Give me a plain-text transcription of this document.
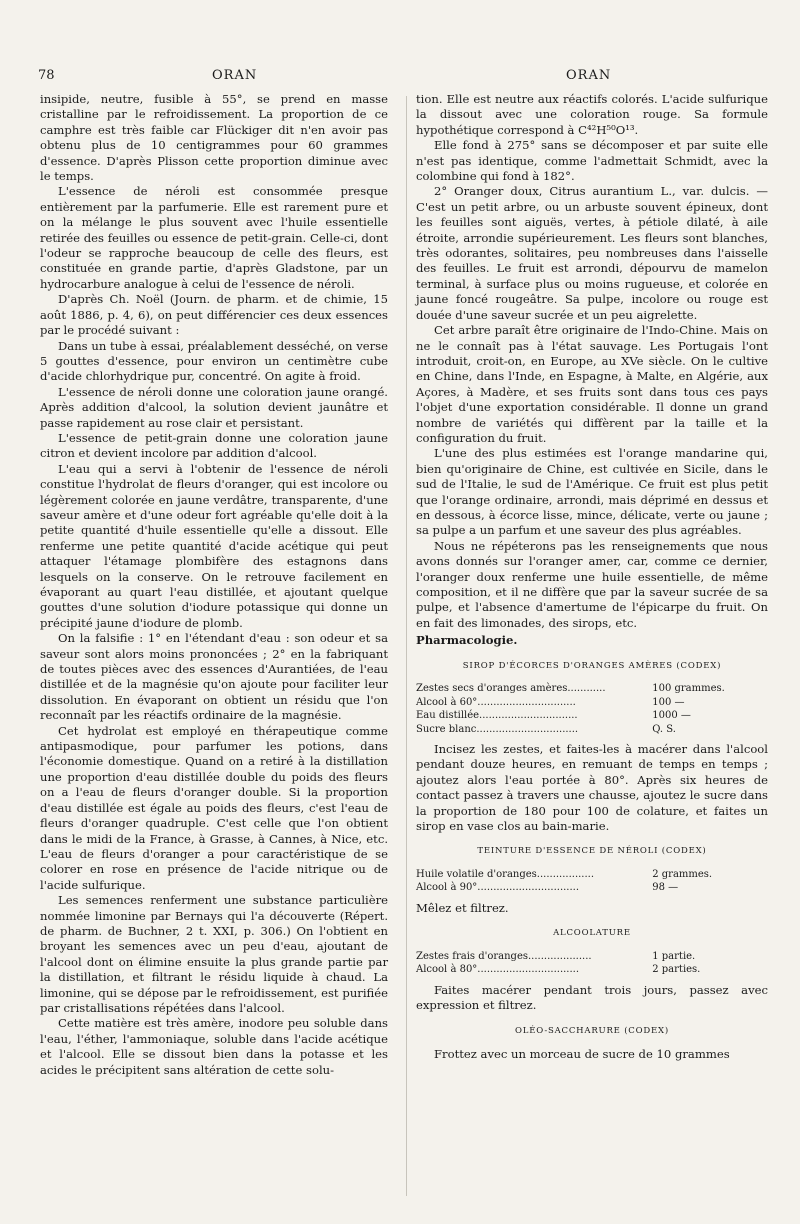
78	ORAN	ORAN

insipide, neutre, fusible à 55°, se prend en masse cristalline par le refroidissement. La proportion de ce camphre est très faible car Flückiger dit n'en avoir pas obtenu plus de 10 centigrammes pour 60 grammes d'essence. D'après Plisson cette proportion diminue avec le temps.

L'essence de néroli est consommée presque entièrement par la parfumerie. Elle est rarement pure et on la mélange le plus souvent avec l'huile essentielle retirée des feuilles ou essence de petit-grain. Celle-ci, dont l'odeur se rapproche beaucoup de celle des fleurs, est constituée en grande partie, d'après Gladstone, par un hydrocarbure analogue à celui de l'essence de néroli.

D'après Ch. Noël (Journ. de pharm. et de chimie, 15 août 1886, p. 4, 6), on peut différencier ces deux essences par le procédé suivant :

Dans un tube à essai, préalablement desséché, on verse 5 gouttes d'essence, pour environ un centimètre cube d'acide chlorhydrique pur, concentré. On agite à froid.

L'essence de néroli donne une coloration jaune orangé. Après addition d'alcool, la solution devient jaunâtre et passe rapidement au rose clair et persistant.

L'essence de petit-grain donne une coloration jaune citron et devient incolore par addition d'alcool.

L'eau qui a servi à l'obtenir de l'essence de néroli constitue l'hydrolat de fleurs d'oranger, qui est incolore ou légèrement colorée en jaune verdâtre, transparente, d'une saveur amère et d'une odeur fort agréable qu'elle doit à la petite quantité d'huile essentielle qu'elle a dissout. Elle renferme une petite quantité d'acide acétique qui peut attaquer l'étamage plombifère des estagnons dans lesquels on la conserve. On le retrouve facilement en évaporant au quart l'eau distillée, et ajoutant quelque gouttes d'une solution d'iodure potassique qui donne un précipité jaune d'iodure de plomb.

On la falsifie : 1° en l'étendant d'eau : son odeur et sa saveur sont alors moins prononcées ; 2° en la fabriquant de toutes pièces avec des essences d'Aurantiées, de l'eau distillée et de la magnésie qu'on ajoute pour faciliter leur dissolution. En évaporant on obtient un résidu que l'on reconnaît par les réactifs ordinaire de la magnésie.

Cet hydrolat est employé en thérapeutique comme antipasmodique, pour parfumer les potions, dans l'économie domestique. Quand on a retiré à la distillation une proportion d'eau distillée double du poids des fleurs on a l'eau de fleurs d'oranger double. Si la proportion d'eau distillée est égale au poids des fleurs, c'est l'eau de fleurs d'oranger quadruple. C'est celle que l'on obtient dans le midi de la France, à Grasse, à Cannes, à Nice, etc. L'eau de fleurs d'oranger a pour caractéristique de se colorer en rose en présence de l'acide nitrique ou de l'acide sulfurique.

Les semences renferment une substance particulière nommée limonine par Bernays qui l'a découverte (Répert. de pharm. de Buchner, 2 t. XXI, p. 306.) On l'obtient en broyant les semences avec un peu d'eau, ajoutant de l'alcool dont on élimine ensuite la plus grande partie par la distillation, et filtrant le résidu liquide à chaud. La limonine, qui se dépose par le refroidissement, est purifiée par cristallisations répétées dans l'alcool.

Cette matière est très amère, inodore peu soluble dans l'eau, l'éther, l'ammoniaque, soluble dans l'acide acétique et l'alcool. Elle se dissout bien dans la potasse et les acides le précipitent sans altération de cette solu-

tion. Elle est neutre aux réactifs colorés. L'acide sulfurique la dissout avec une coloration rouge. Sa formule hypothétique correspond à C⁴²H⁵⁰O¹³.

Elle fond à 275° sans se décomposer et par suite elle n'est pas identique, comme l'admettait Schmidt, avec la colombine qui fond à 182°.

2° Oranger doux, Citrus aurantium L., var. dulcis. — C'est un petit arbre, ou un arbuste souvent épineux, dont les feuilles sont aiguës, vertes, à pétiole dilaté, à aile étroite, arrondie supérieurement. Les fleurs sont blanches, très odorantes, solitaires, peu nombreuses dans l'aisselle des feuilles. Le fruit est arrondi, dépourvu de mamelon terminal, à surface plus ou moins rugueuse, et colorée en jaune foncé rougeâtre. Sa pulpe, incolore ou rouge est douée d'une saveur sucrée et un peu aigrelette.

Cet arbre paraît être originaire de l'Indo-Chine. Mais on ne le connaît pas à l'état sauvage. Les Portugais l'ont introduit, croit-on, en Europe, au XVe siècle. On le cultive en Chine, dans l'Inde, en Espagne, à Malte, en Algérie, aux Açores, à Madère, et ses fruits sont dans tous ces pays l'objet d'une exportation considérable. Il donne un grand nombre de variétés qui diffèrent par la taille et la configuration du fruit.

L'une des plus estimées est l'orange mandarine qui, bien qu'originaire de Chine, est cultivée en Sicile, dans le sud de l'Italie, le sud de l'Amérique. Ce fruit est plus petit que l'orange ordinaire, arrondi, mais déprimé en dessus et en dessous, à écorce lisse, mince, délicate, verte ou jaune ; sa pulpe a un parfum et une saveur des plus agréables.

Nous ne répéterons pas les renseignements que nous avons donnés sur l'oranger amer, car, comme ce dernier, l'oranger doux renferme une huile essentielle, de même composition, et il ne diffère que par la saveur sucrée de sa pulpe, et l'absence d'amertume de l'épicarpe du fruit. On en fait des limonades, des sirops, etc.

Pharmacologie.
SIROP D'ÉCORCES D'ORANGES AMÈRES (CODEX)
Zestes secs d'oranges amères............	100 grammes.
Alcool à 60°...............................	100 —
Eau distillée...............................	1000 —
Sucre blanc................................	Q. S.

Incisez les zestes, et faites-les à macérer dans l'alcool pendant douze heures, en remuant de temps en temps ; ajoutez alors l'eau portée à 80°. Après six heures de contact passez à travers une chausse, ajoutez le sucre dans la proportion de 180 pour 100 de colature, et faites un sirop en vase clos au bain-marie.

TEINTURE D'ESSENCE DE NÉROLI (CODEX)
Huile volatile d'oranges..................	2 grammes.
Alcool à 90°................................	98 —

Mêlez et filtrez.

ALCOOLATURE
Zestes frais d'oranges....................	1 partie.
Alcool à 80°................................	2 parties.

Faites macérer pendant trois jours, passez avec expression et filtrez.

OLÉO-SACCHARURE (CODEX)

Frottez avec un morceau de sucre de 10 grammes
